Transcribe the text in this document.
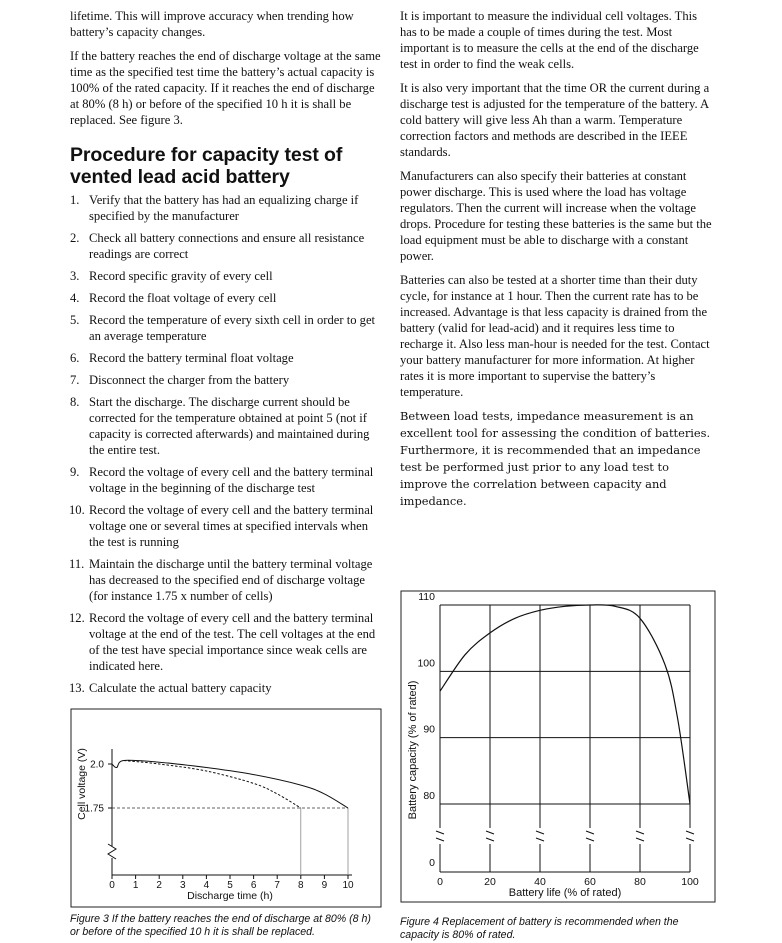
lifetime. This will improve accuracy when trending how battery’s capacity changes.

If the battery reaches the end of discharge voltage at the same time as the specified test time the battery’s actual capacity is 100% of the rated capacity. If it reaches the end of discharge at 80% (8 h) or before of the specified 10 h it is shall be replaced. See figure 3.

Procedure for capacity test of vented lead acid battery
1. Verify that the battery has had an equalizing charge if specified by the manufacturer
2. Check all battery connections and ensure all resistance readings are correct
3. Record specific gravity of every cell
4. Record the float voltage of every cell
5. Record the temperature of every sixth cell in order to get an average temperature
6. Record the battery terminal float voltage
7. Disconnect the charger from the battery
8. Start the discharge. The discharge current should be corrected for the temperature obtained at point 5 (not if capacity is corrected afterwards) and maintained during the entire test.
9. Record the voltage of every cell and the battery terminal voltage in the beginning of the discharge test
10. Record the voltage of every cell and the battery terminal voltage one or several times at specified intervals when the test is running
11. Maintain the discharge until the battery terminal voltage has decreased to the specified end of discharge voltage (for instance 1.75 x number of cells)
12. Record the voltage of every cell and the battery terminal voltage at the end of the test. The cell voltages at the end of the test have special importance since weak cells are indicated here.
13. Calculate the actual battery capacity

It is important to measure the individual cell voltages. This has to be made a couple of times during the test. Most important is to measure the cells at the end of the discharge test in order to find the weak cells.

It is also very important that the time OR the current during a discharge test is adjusted for the temperature of the battery. A cold battery will give less Ah than a warm. Temperature correction factors and methods are described in the IEEE standards.

Manufacturers can also specify their batteries at constant power discharge. This is used where the load has voltage regulators. Then the current will increase when the voltage drops. Procedure for testing these batteries is the same but the load equipment must be able to discharge with a constant power.

Batteries can also be tested at a shorter time than their duty cycle, for instance at 1 hour. Then the current rate has to be increased. Advantage is that less capacity is drained from the battery (valid for lead-acid) and it requires less time to recharge it. Also less man-hour is needed for the test. Contact your battery manufacturer for more information. At higher rates it is more important to supervise the battery’s temperature.

Between load tests, impedance measurement is an excellent tool for assessing the condition of batteries. Furthermore, it is recommended that an impedance test be performed just prior to any load test to improve the correlation between capacity and impedance.

0 1 2 3 4 5 6 7 8 9 10
1.75
2.0
Discharge time (h)
Cell voltage (V)
Figure 3 If the battery reaches the end of discharge at 80% (8 h) or before of the specified 10 h it is shall be replaced.
0	20	40	60	80	100
0
80
90
100
110
Battery life (% of rated)
Battery capacity (% of rated)
Figure 4 Replacement of battery is recommended when the capacity is 80% of rated.
